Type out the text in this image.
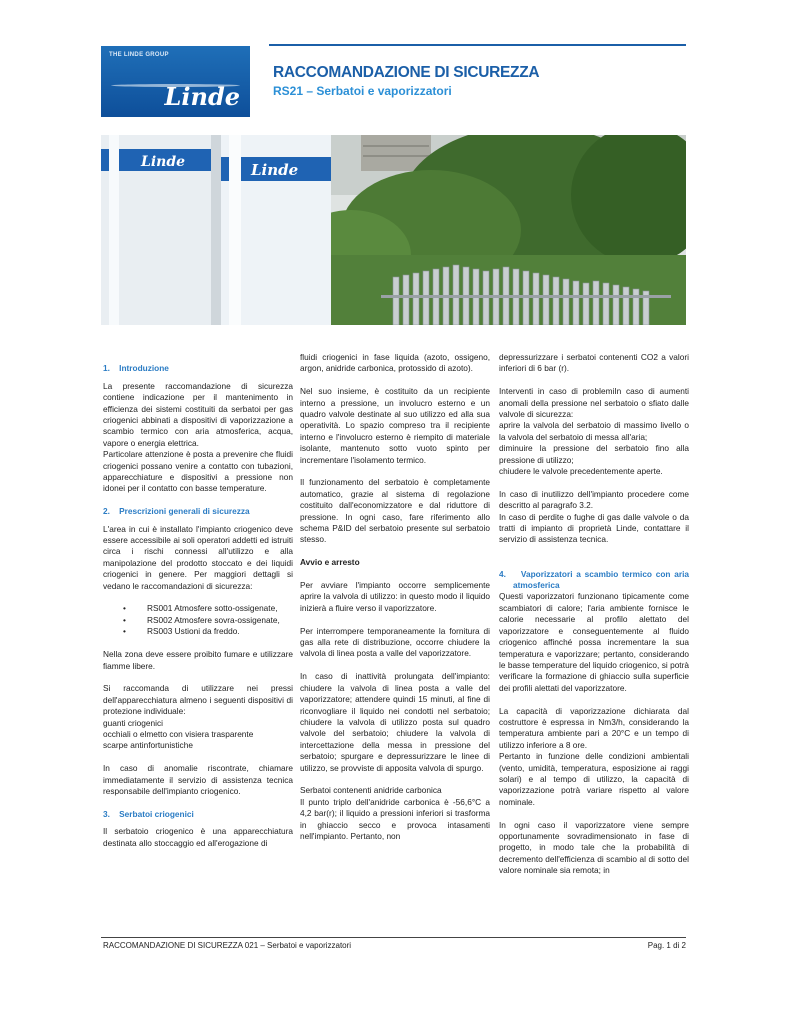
THE LINDE GROUP
Linde
RACCOMANDAZIONE DI SICUREZZA
RS21 – Serbatoi e vaporizzatori
Linde	Linde

1.    Introduzione

La presente raccomandazione di sicurezza contiene indicazione per il mantenimento in efficienza dei sistemi costituiti da serbatoi per gas criogenici abbinati a dispositivi di vaporizzazione a scambio termico con aria atmosferica, acqua, vapore o energia elettrica.

Particolare attenzione è posta a prevenire che fluidi criogenici possano venire a contatto con tubazioni, apparecchiature e dispositivi a pressione non idonei per il contatto con basse temperature.

2.    Prescrizioni generali di sicurezza

L'area in cui è installato l'impianto criogenico deve essere accessibile ai soli operatori addetti ed istruiti circa i rischi connessi all'utilizzo e alla manipolazione del prodotto stoccato e dei liquidi criogenici in genere. Per maggiori dettagli si vedano le raccomandazioni di sicurezza:

• RS001 Atmosfere sotto-ossigenate,
• RS002 Atmosfere sovra-ossigenate,
• RS003 Ustioni da freddo.

Nella zona deve essere proibito fumare e utilizzare fiamme libere.

Si raccomanda di utilizzare nei pressi dell'apparecchiatura almeno i seguenti dispositivi di protezione individuale:

guanti criogenici

occhiali o elmetto con visiera trasparente

scarpe antinfortunistiche

In caso di anomalie riscontrate, chiamare immediatamente il servizio di assistenza tecnica responsabile dell'impianto criogenico.

3.    Serbatoi criogenici

Il serbatoio criogenico è una apparecchiatura destinata allo stoccaggio ed all'erogazione di

fluidi criogenici in fase liquida (azoto, ossigeno, argon, anidride carbonica, protossido di azoto).

Nel suo insieme, è costituito da un recipiente interno a pressione, un involucro esterno e un quadro valvole destinate al suo utilizzo ed alla sua operatività. Lo spazio compreso tra il recipiente interno e l'involucro esterno è riempito di materiale isolante, mantenuto sotto vuoto spinto per incrementare l'isolamento termico.

Il funzionamento del serbatoio è completamente automatico, grazie al sistema di regolazione costituito dall'economizzatore e dal riduttore di pressione. In ogni caso, fare riferimento allo schema P&ID del serbatoio presente sul serbatoio stesso.

Avvio e arresto

Per avviare l'impianto occorre semplicemente aprire la valvola di utilizzo: in questo modo il liquido inizierà a fluire verso il vaporizzatore.

Per interrompere temporaneamente la fornitura di gas alla rete di distribuzione, occorre chiudere la valvola di linea posta a valle del vaporizzatore.

In caso di inattività prolungata dell'impianto: chiudere la valvola di linea posta a valle del vaporizzatore; attendere quindi 15 minuti, al fine di riconvogliare il liquido nei condotti nel serbatoio; chiudere la valvola di utilizzo posta sul quadro valvole del serbatoio; chiudere la valvola di intercettazione della messa in pressione del serbatoio; spurgare e depressurizzare le linee di utilizzo, se provviste di apposita valvola di spurgo.

Serbatoi contenenti anidride carbonica

Il punto triplo dell'anidride carbonica è -56,6°C a 4,2 bar(r); il liquido a pressioni inferiori si trasforma in ghiaccio secco e provoca intasamenti nell'impianto. Pertanto, non

depressurizzare i serbatoi contenenti CO2 a valori inferiori di 6 bar (r).

Interventi in caso di problemiIn caso di aumenti anomali della pressione nel serbatoio o sfiato dalle valvole di sicurezza:

aprire la valvola del serbatoio di massimo livello o la valvola del serbatoio di messa all'aria;

diminuire la pressione del serbatoio fino alla pressione di utilizzo;

chiudere le valvole precedentemente aperte.

In caso di inutilizzo dell'impianto procedere come descritto al paragrafo 3.2.

In caso di perdite o fughe di gas dalle valvole o da tratti di impianto di proprietà Linde, contattare il servizio di assistenza tecnica.

4.    Vaporizzatori a scambio termico con aria atmosferica

Questi vaporizzatori funzionano tipicamente come scambiatori di calore; l'aria ambiente fornisce le calorie necessarie al profilo alettato del vaporizzatore e conseguentemente al fluido criogenico affinché possa incrementare la sua temperatura e vaporizzare; pertanto, considerando le basse temperature del liquido criogenico, si potrà verificare la formazione di ghiaccio sulla superficie dei profili alettati del vaporizzatore.

La capacità di vaporizzazione dichiarata dal costruttore è espressa in Nm3/h, considerando la temperatura ambiente pari a 20°C e un tempo di utilizzo inferiore a 8 ore.

Pertanto in funzione delle condizioni ambientali (vento, umidità, temperatura, esposizione ai raggi solari) e al tempo di utilizzo, la capacità di vaporizzazione potrà variare rispetto al valore nominale.

In ogni caso il vaporizzatore viene sempre opportunamente sovradimensionato in fase di progetto, in modo tale che la probabilità di decremento dell'efficienza di scambio al di sotto del valore nominale sia remota; in

RACCOMANDAZIONE DI SICUREZZA 021 – Serbatoi e vaporizzatori	Pag. 1 di 2
